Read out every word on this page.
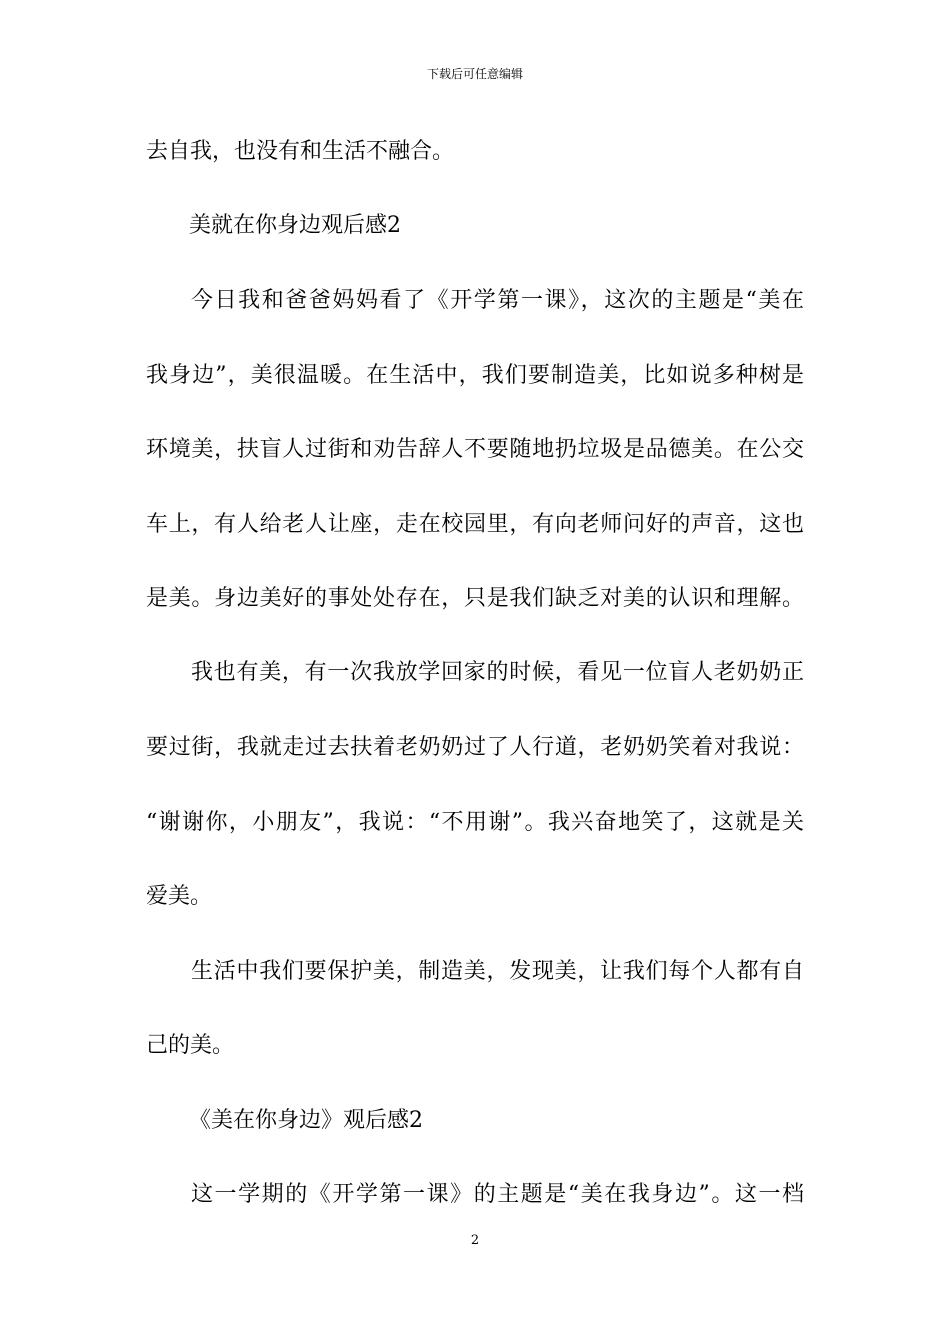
下载后可任意编辑
去自我，也没有和生活不融合。
美就在你身边观后感2
今日我和爸爸妈妈看了《开学第一课》，这次的主题是“美在
我身边”，美很温暖。在生活中，我们要制造美，比如说多种树是
环境美，扶盲人过街和劝告辞人不要随地扔垃圾是品德美。在公交
车上，有人给老人让座，走在校园里，有向老师问好的声音，这也
是美。身边美好的事处处存在，只是我们缺乏对美的认识和理解。
我也有美，有一次我放学回家的时候，看见一位盲人老奶奶正
要过街，我就走过去扶着老奶奶过了人行道，老奶奶笑着对我说：
“谢谢你，小朋友”，我说：“不用谢”。我兴奋地笑了，这就是关
爱美。
生活中我们要保护美，制造美，发现美，让我们每个人都有自
己的美。
《美在你身边》观后感2
这一学期的《开学第一课》的主题是“美在我身边”。这一档
2
